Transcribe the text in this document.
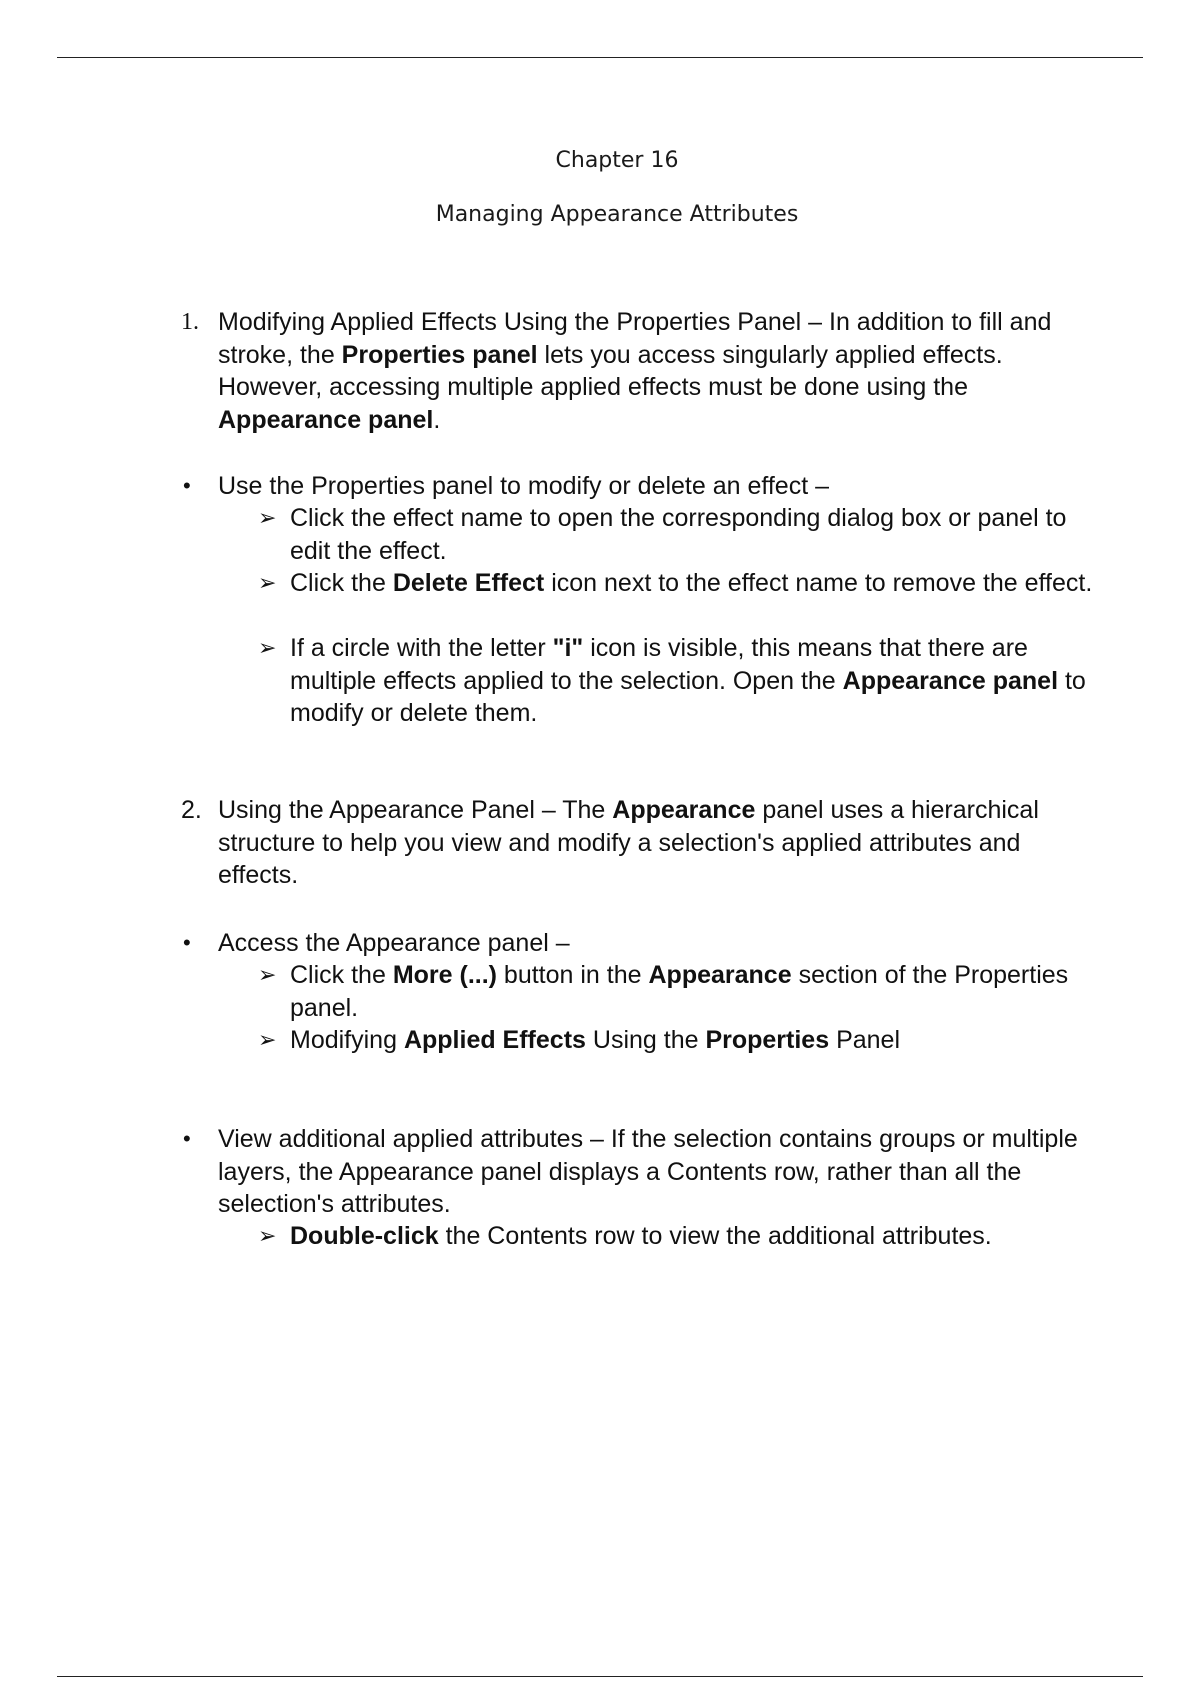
Chapter 16
Managing Appearance Attributes
1. Modifying Applied Effects Using the Properties Panel – In addition to fill and stroke, the Properties panel lets you access singularly applied effects. However, accessing multiple applied effects must be done using the Appearance panel.
•	Use the Properties panel to modify or delete an effect –
➢ Click the effect name to open the corresponding dialog box or panel to edit the effect.
➢ Click the Delete Effect icon next to the effect name to remove the effect.
➢ If a circle with the letter "i" icon is visible, this means that there are multiple effects applied to the selection. Open the Appearance panel to modify or delete them.
2. Using the Appearance Panel – The Appearance panel uses a hierarchical structure to help you view and modify a selection's applied attributes and effects.
•	Access the Appearance panel –
➢ Click the More (...) button in the Appearance section of the Properties panel.
➢ Modifying Applied Effects Using the Properties Panel
•	View additional applied attributes – If the selection contains groups or multiple layers, the Appearance panel displays a Contents row, rather than all the selection's attributes.
➢ Double-click the Contents row to view the additional attributes.
